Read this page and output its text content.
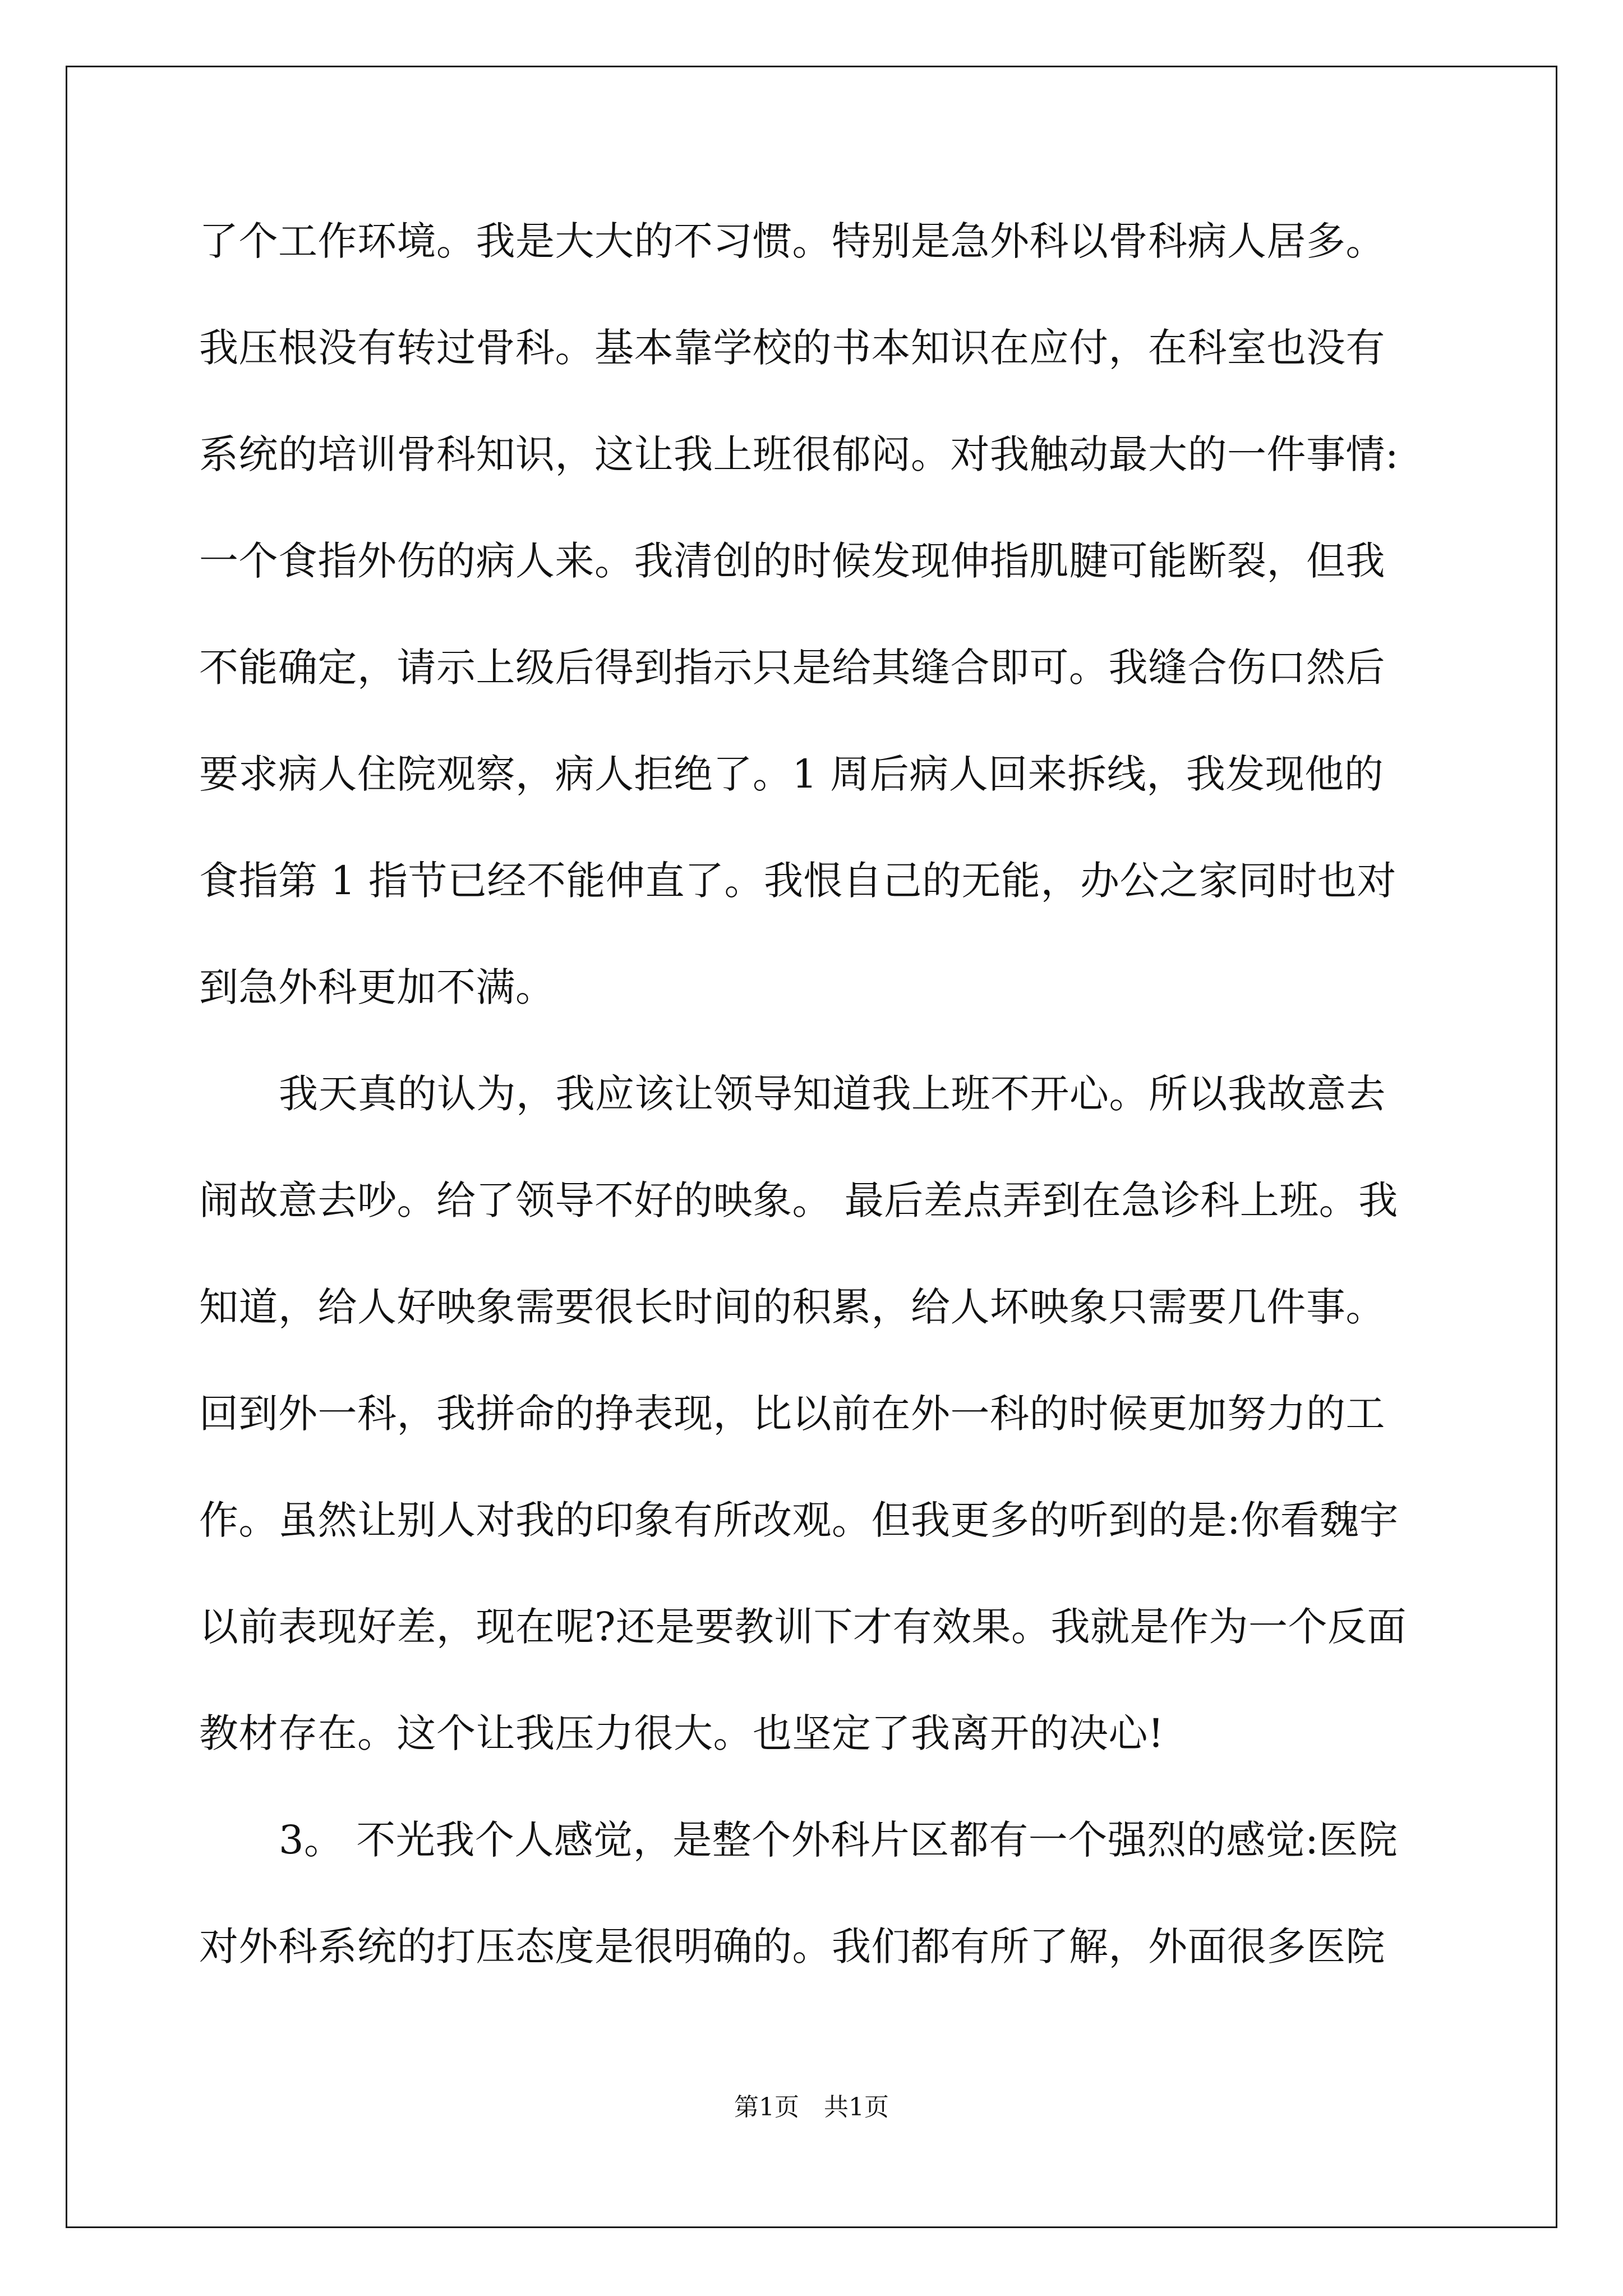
了个工作环境。我是大大的不习惯。特别是急外科以骨科病人居多。
我压根没有转过骨科。基本靠学校的书本知识在应付，在科室也没有
系统的培训骨科知识，这让我上班很郁闷。对我触动最大的一件事情:
一个食指外伤的病人来。我清创的时候发现伸指肌腱可能断裂，但我
不能确定，请示上级后得到指示只是给其缝合即可。我缝合伤口然后
要求病人住院观察，病人拒绝了。1 周后病人回来拆线，我发现他的
食指第 1 指节已经不能伸直了。我恨自己的无能，办公之家同时也对
到急外科更加不满。
我天真的认为，我应该让领导知道我上班不开心。所以我故意去
闹故意去吵。给了领导不好的映象。 最后差点弄到在急诊科上班。我
知道，给人好映象需要很长时间的积累，给人坏映象只需要几件事。
回到外一科，我拼命的挣表现，比以前在外一科的时候更加努力的工
作。虽然让别人对我的印象有所改观。但我更多的听到的是:你看魏宇
以前表现好差，现在呢?还是要教训下才有效果。我就是作为一个反面
教材存在。这个让我压力很大。也坚定了我离开的决心!
3。 不光我个人感觉，是整个外科片区都有一个强烈的感觉:医院
对外科系统的打压态度是很明确的。我们都有所了解，外面很多医院
第1页　共1页
